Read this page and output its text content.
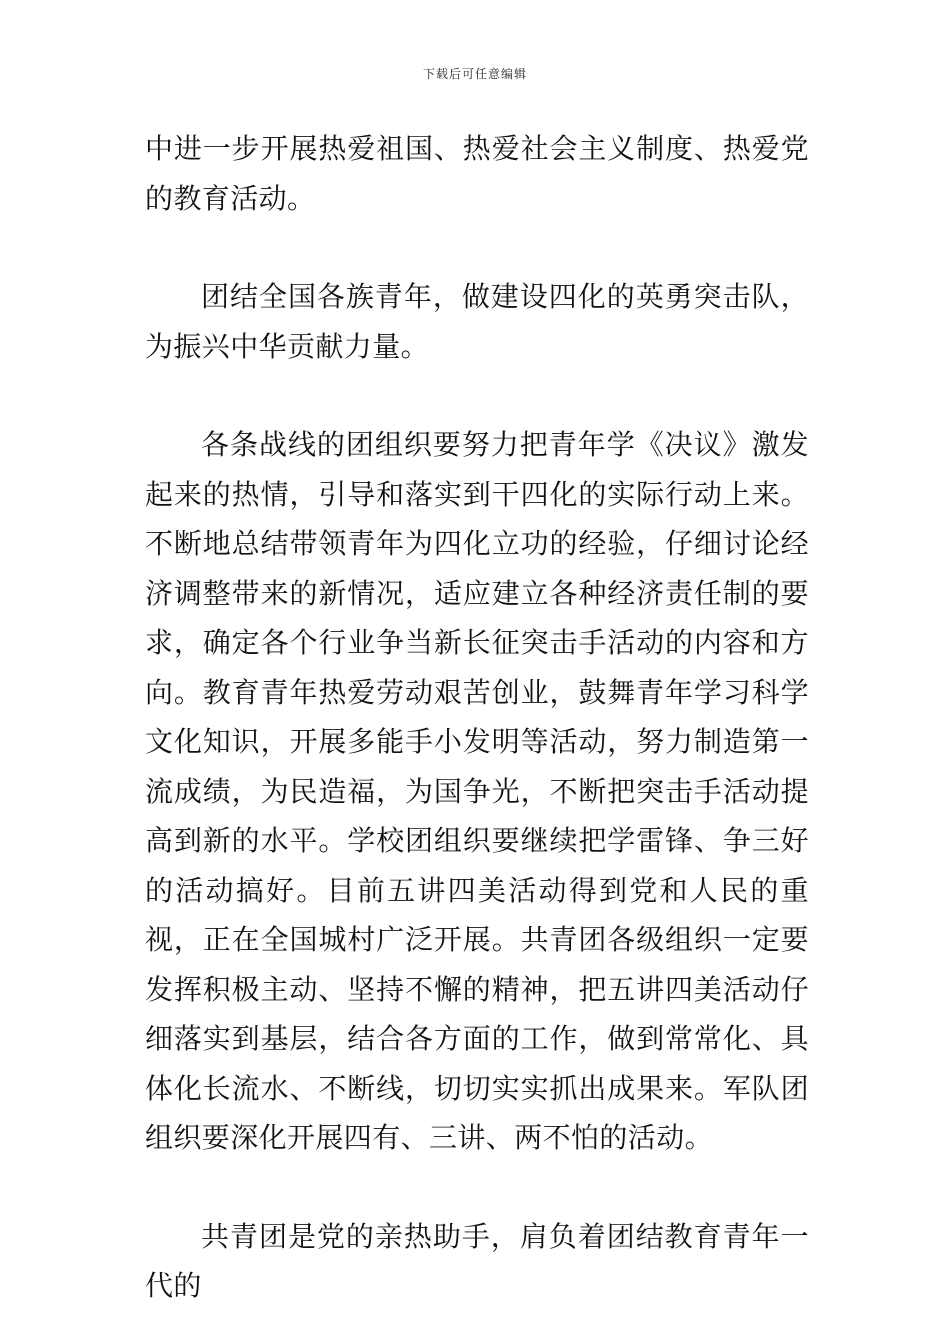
下载后可任意编辑

中进一步开展热爱祖国、热爱社会主义制度、热爱党的教育活动。

团结全国各族青年，做建设四化的英勇突击队，为振兴中华贡献力量。

各条战线的团组织要努力把青年学《决议》激发起来的热情，引导和落实到干四化的实际行动上来。不断地总结带领青年为四化立功的经验，仔细讨论经济调整带来的新情况，适应建立各种经济责任制的要求，确定各个行业争当新长征突击手活动的内容和方向。教育青年热爱劳动艰苦创业，鼓舞青年学习科学文化知识，开展多能手小发明等活动，努力制造第一流成绩，为民造福，为国争光，不断把突击手活动提高到新的水平。学校团组织要继续把学雷锋、争三好的活动搞好。目前五讲四美活动得到党和人民的重视，正在全国城村广泛开展。共青团各级组织一定要发挥积极主动、坚持不懈的精神，把五讲四美活动仔细落实到基层，结合各方面的工作，做到常常化、具体化长流水、不断线，切切实实抓出成果来。军队团组织要深化开展四有、三讲、两不怕的活动。

共青团是党的亲热助手，肩负着团结教育青年一代的
